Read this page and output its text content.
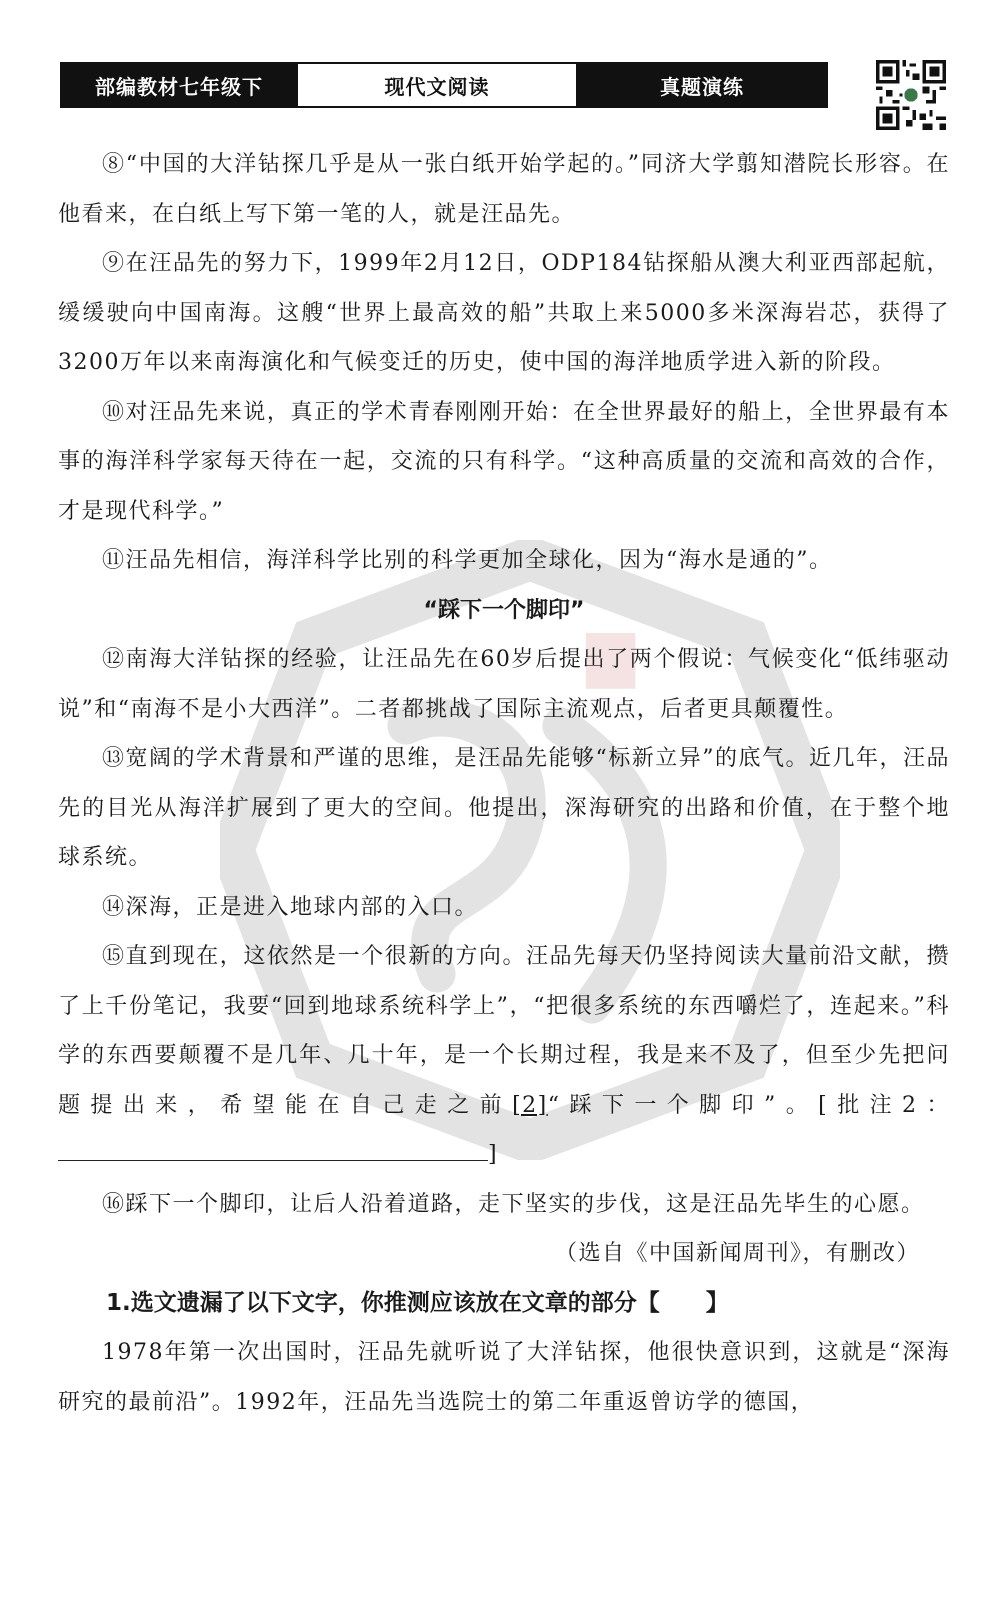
部编教材七年级下	现代文阅读	真题演练

⑧“中国的大洋钻探几乎是从一张白纸开始学起的。”同济大学翦知潜院长形容。在他看来，在白纸上写下第一笔的人，就是汪品先。

⑨在汪品先的努力下，1999年2月12日，ODP184钻探船从澳大利亚西部起航，缓缓驶向中国南海。这艘“世界上最高效的船”共取上来5000多米深海岩芯，获得了3200万年以来南海演化和气候变迁的历史，使中国的海洋地质学进入新的阶段。

⑩对汪品先来说，真正的学术青春刚刚开始：在全世界最好的船上，全世界最有本事的海洋科学家每天待在一起，交流的只有科学。“这种高质量的交流和高效的合作，才是现代科学。”

⑪汪品先相信，海洋科学比别的科学更加全球化，因为“海水是通的”。

“踩下一个脚印”

⑫南海大洋钻探的经验，让汪品先在60岁后提出了两个假说：气候变化“低纬驱动说”和“南海不是小大西洋”。二者都挑战了国际主流观点，后者更具颠覆性。

⑬宽阔的学术背景和严谨的思维，是汪品先能够“标新立异”的底气。近几年，汪品先的目光从海洋扩展到了更大的空间。他提出，深海研究的出路和价值，在于整个地球系统。

⑭深海，正是进入地球内部的入口。

⑮直到现在，这依然是一个很新的方向。汪品先每天仍坚持阅读大量前沿文献，攒了上千份笔记，我要“回到地球系统科学上”，“把很多系统的东西嚼烂了，连起来。”科学的东西要颠覆不是几年、几十年，是一个长期过程，我是来不及了，但至少先把问题提出来，希望能在自己走之前[2]“踩下一个脚印”。[批注2：]

⑯踩下一个脚印，让后人沿着道路，走下坚实的步伐，这是汪品先毕生的心愿。

（选自《中国新闻周刊》，有删改）

1.选文遗漏了以下文字，你推测应该放在文章的部分【　　】

1978年第一次出国时，汪品先就听说了大洋钻探，他很快意识到，这就是“深海研究的最前沿”。1992年，汪品先当选院士的第二年重返曾访学的德国，
